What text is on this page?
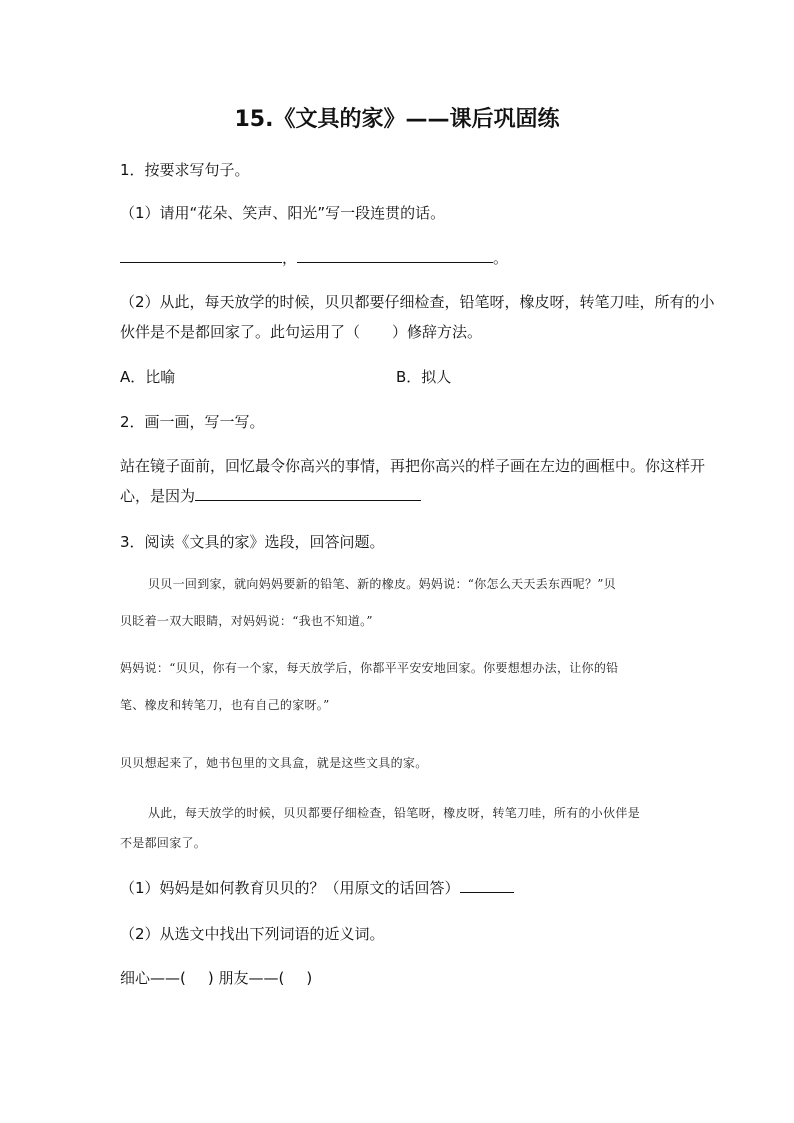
15.《文具的家》——课后巩固练
1．按要求写句子。
（1）请用“花朵、笑声、阳光”写一段连贯的话。
，	。
（2）从此，每天放学的时候，贝贝都要仔细检查，铅笔呀，橡皮呀，转笔刀哇，所有的小
伙伴是不是都回家了。此句运用了（ ）修辞方法。
A．比喻	B．拟人
2．画一画，写一写。
站在镜子面前，回忆最令你高兴的事情，再把你高兴的样子画在左边的画框中。你这样开
心，是因为
3．阅读《文具的家》选段，回答问题。
贝贝一回到家，就向妈妈要新的铅笔、新的橡皮。妈妈说：“你怎么天天丢东西呢？”贝
贝眨着一双大眼睛，对妈妈说：“我也不知道。”
妈妈说：“贝贝，你有一个家，每天放学后，你都平平安安地回家。你要想想办法，让你的铅
笔、橡皮和转笔刀，也有自己的家呀。”
贝贝想起来了，她书包里的文具盒，就是这些文具的家。
从此，每天放学的时候，贝贝都要仔细检查，铅笔呀，橡皮呀，转笔刀哇，所有的小伙伴是
不是都回家了。
（1）妈妈是如何教育贝贝的？（用原文的话回答）
（2）从选文中找出下列词语的近义词。
细心——( ) 朋友——( )
